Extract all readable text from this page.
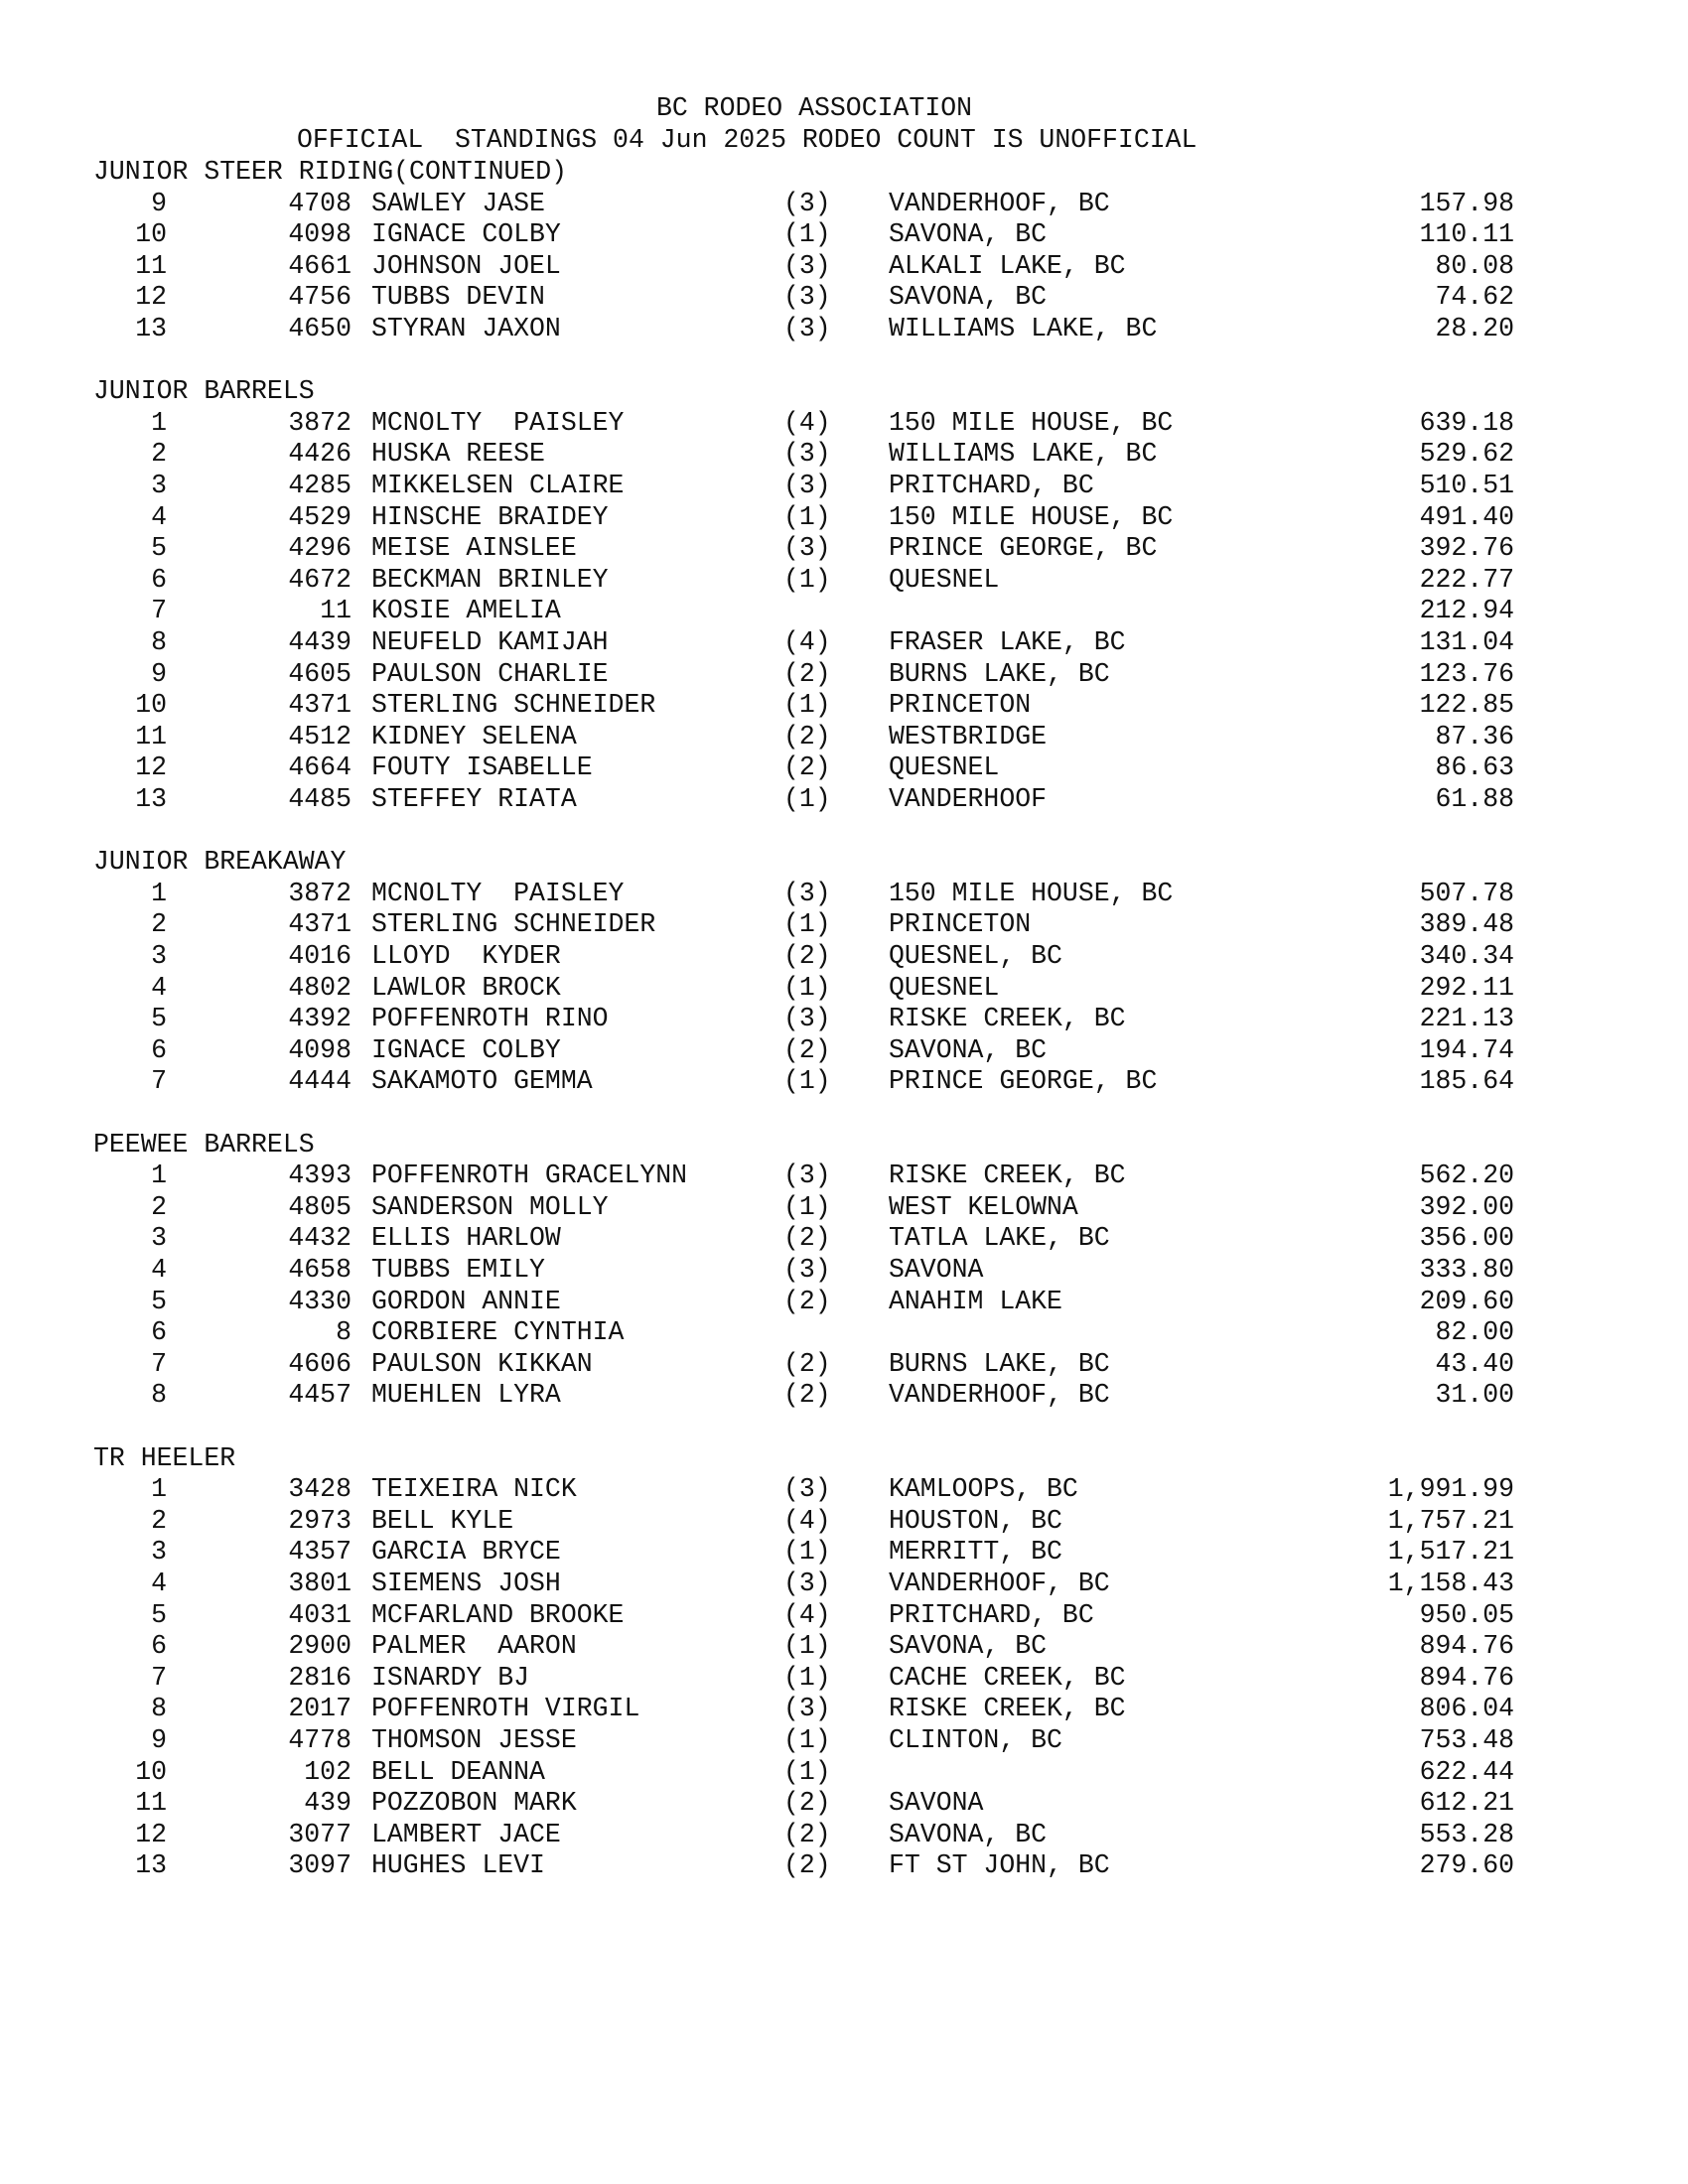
BC RODEO ASSOCIATION
OFFICIAL  STANDINGS 04 Jun 2025 RODEO COUNT IS UNOFFICIAL
JUNIOR STEER RIDING(CONTINUED)
9	4708 SAWLEY JASE	(3) VANDERHOOF, BC	157.98
10	4098 IGNACE COLBY	(1) SAVONA, BC	110.11
11	4661 JOHNSON JOEL	(3) ALKALI LAKE, BC	80.08
12	4756 TUBBS DEVIN	(3) SAVONA, BC	74.62
13	4650 STYRAN JAXON	(3) WILLIAMS LAKE, BC	28.20
JUNIOR BARRELS
1	3872 MCNOLTY  PAISLEY	(4) 150 MILE HOUSE, BC	639.18
2	4426 HUSKA REESE	(3) WILLIAMS LAKE, BC	529.62
3	4285 MIKKELSEN CLAIRE	(3) PRITCHARD, BC	510.51
4	4529 HINSCHE BRAIDEY	(1) 150 MILE HOUSE, BC	491.40
5	4296 MEISE AINSLEE	(3) PRINCE GEORGE, BC	392.76
6	4672 BECKMAN BRINLEY	(1) QUESNEL	222.77
7	11 KOSIE AMELIA	212.94
8	4439 NEUFELD KAMIJAH	(4) FRASER LAKE, BC	131.04
9	4605 PAULSON CHARLIE	(2) BURNS LAKE, BC	123.76
10	4371 STERLING SCHNEIDER	(1) PRINCETON	122.85
11	4512 KIDNEY SELENA	(2) WESTBRIDGE	87.36
12	4664 FOUTY ISABELLE	(2) QUESNEL	86.63
13	4485 STEFFEY RIATA	(1) VANDERHOOF	61.88
JUNIOR BREAKAWAY
1	3872 MCNOLTY  PAISLEY	(3) 150 MILE HOUSE, BC	507.78
2	4371 STERLING SCHNEIDER	(1) PRINCETON	389.48
3	4016 LLOYD  KYDER	(2) QUESNEL, BC	340.34
4	4802 LAWLOR BROCK	(1) QUESNEL	292.11
5	4392 POFFENROTH RINO	(3) RISKE CREEK, BC	221.13
6	4098 IGNACE COLBY	(2) SAVONA, BC	194.74
7	4444 SAKAMOTO GEMMA	(1) PRINCE GEORGE, BC	185.64
PEEWEE BARRELS
1	4393 POFFENROTH GRACELYNN	(3) RISKE CREEK, BC	562.20
2	4805 SANDERSON MOLLY	(1) WEST KELOWNA	392.00
3	4432 ELLIS HARLOW	(2) TATLA LAKE, BC	356.00
4	4658 TUBBS EMILY	(3) SAVONA	333.80
5	4330 GORDON ANNIE	(2) ANAHIM LAKE	209.60
6	8 CORBIERE CYNTHIA	82.00
7	4606 PAULSON KIKKAN	(2) BURNS LAKE, BC	43.40
8	4457 MUEHLEN LYRA	(2) VANDERHOOF, BC	31.00
TR HEELER
1	3428 TEIXEIRA NICK	(3) KAMLOOPS, BC	1,991.99
2	2973 BELL KYLE	(4) HOUSTON, BC	1,757.21
3	4357 GARCIA BRYCE	(1) MERRITT, BC	1,517.21
4	3801 SIEMENS JOSH	(3) VANDERHOOF, BC	1,158.43
5	4031 MCFARLAND BROOKE	(4) PRITCHARD, BC	950.05
6	2900 PALMER  AARON	(1) SAVONA, BC	894.76
7	2816 ISNARDY BJ	(1) CACHE CREEK, BC	894.76
8	2017 POFFENROTH VIRGIL	(3) RISKE CREEK, BC	806.04
9	4778 THOMSON JESSE	(1) CLINTON, BC	753.48
10	102 BELL DEANNA	(1)	622.44
11	439 POZZOBON MARK	(2) SAVONA	612.21
12	3077 LAMBERT JACE	(2) SAVONA, BC	553.28
13	3097 HUGHES LEVI	(2) FT ST JOHN, BC	279.60
